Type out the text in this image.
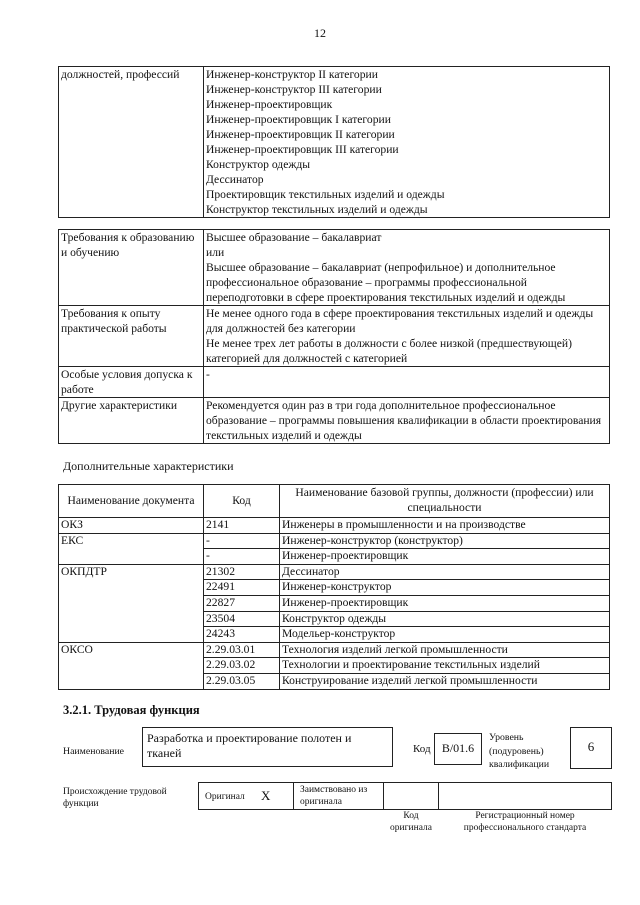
12
должностей, профессий	Инженер-конструктор II категории
Инженер-конструктор III категории
Инженер-проектировщик
Инженер-проектировщик I категории
Инженер-проектировщик II категории
Инженер-проектировщик III категории
Конструктор одежды
Дессинатор
Проектировщик текстильных изделий и одежды
Конструктор текстильных изделий и одежды
Требования к образованию и обучению	Высшее образование – бакалавриат
или
Высшее образование – бакалавриат (непрофильное) и дополнительное профессиональное образование – программы профессиональной переподготовки в сфере проектирования текстильных изделий и одежды

Требования к опыту практической работы	Не менее одного года в сфере проектирования текстильных изделий и одежды для должностей без категории
Не менее трех лет работы в должности с более низкой (предшествующей) категорией для должностей с категорией

Особые условия допуска к работе	-
Другие характеристики	Рекомендуется один раз в три года дополнительное профессиональное образование – программы повышения квалификации в области проектирования текстильных изделий и одежды
Дополнительные характеристики
Наименование документа	Код	Наименование базовой группы, должности (профессии) или специальности
ОКЗ	2141	Инженеры в промышленности и на производстве
ЕКС	-	Инженер-конструктор (конструктор)
	-	Инженер-проектировщик
ОКПДТР	21302	Дессинатор
	22491	Инженер-конструктор
	22827	Инженер-проектировщик
	23504	Конструктор одежды
	24243	Модельер-конструктор
ОКСО	2.29.03.01	Технология изделий легкой промышленности
	2.29.03.02	Технологии и проектирование текстильных изделий
	2.29.03.05	Конструирование изделий легкой промышленности
3.2.1. Трудовая функция
Наименование
Разработка и проектирование полотен и тканей	Код B/01.6
Уровень (подуровень) квалификации
6
Происхождение трудовой функции
Оригинал X	Заимствовано из оригинала
Код оригинала
Регистрационный номер профессионального стандарта
